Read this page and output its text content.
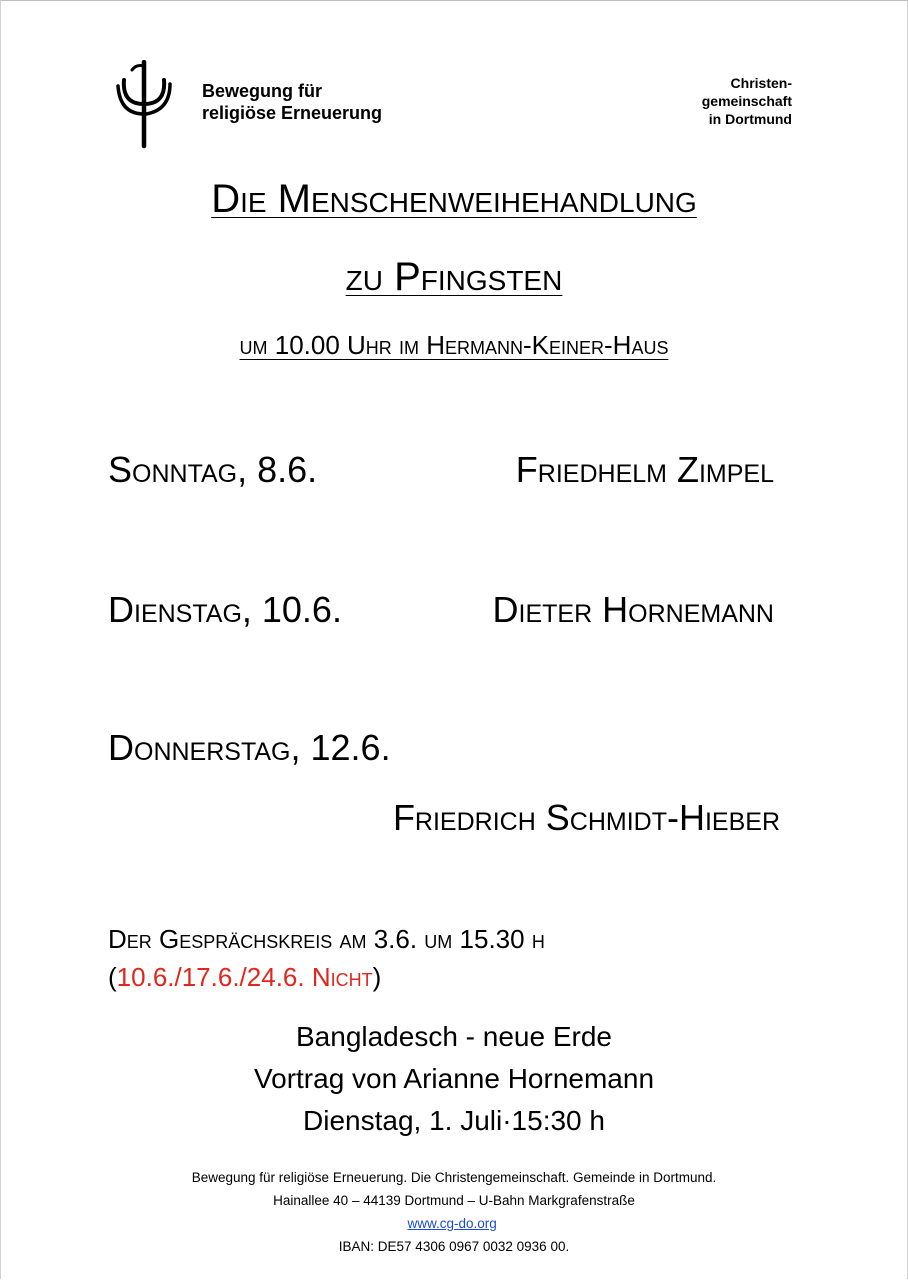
Bewegung für
religiöse Erneuerung
Christen-
gemeinschaft
in Dortmund
Die Menschenweihehandlung
zu Pfingsten
um 10.00 Uhr im Hermann-Keiner-Haus
Sonntag, 8.6.	Friedhelm Zimpel
Dienstag, 10.6.	Dieter Hornemann
Donnerstag, 12.6.
Friedrich Schmidt-Hieber
Der Gesprächskreis am 3.6. um 15.30 h
(10.6./17.6./24.6. Nicht)
Bangladesch - neue Erde
Vortrag von Arianne Hornemann
Dienstag, 1. Juli·15:30 h
Bewegung für religiöse Erneuerung. Die Christengemeinschaft. Gemeinde in Dortmund.
Hainallee 40 – 44139 Dortmund – U-Bahn Markgrafenstraße
www.cg-do.org
IBAN: DE57 4306 0967 0032 0936 00.
